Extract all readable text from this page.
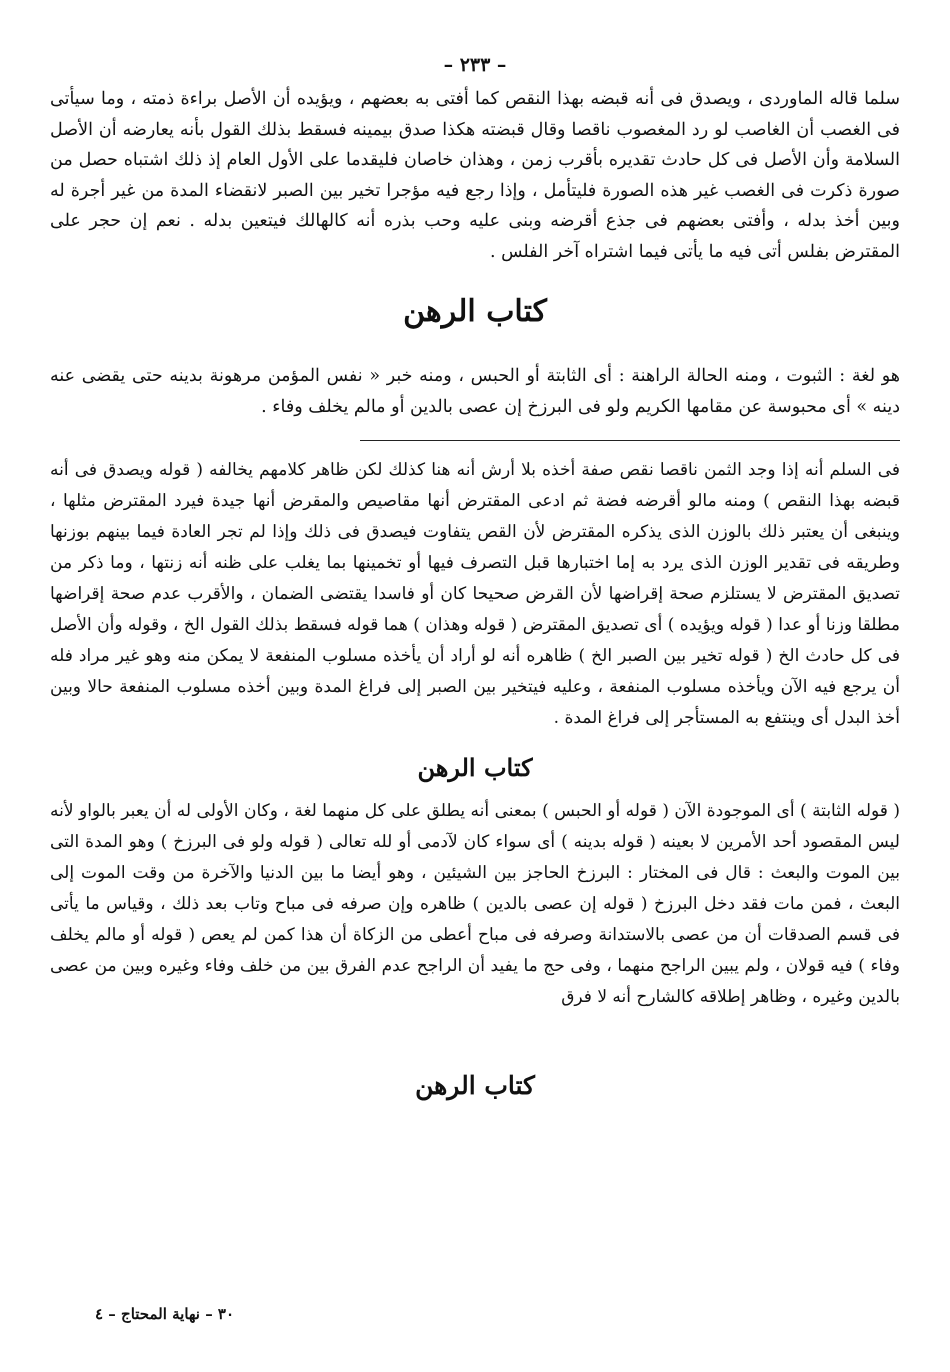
– ٢٣٣ –

سلما قاله الماوردى ، ويصدق فى أنه قبضه بهذا النقص كما أفتى به بعضهم ، ويؤيده أن الأصل براءة ذمته ، وما سيأتى فى الغصب أن الغاصب لو رد المغصوب ناقصا وقال قبضته هكذا صدق بيمينه فسقط بذلك القول بأنه يعارضه أن الأصل السلامة وأن الأصل فى كل حادث تقديره بأقرب زمن ، وهذان خاصان فليقدما على الأول العام إذ ذلك اشتباه حصل من صورة ذكرت فى الغصب غير هذه الصورة فليتأمل ، وإذا رجع فيه مؤجرا تخير بين الصبر لانقضاء المدة من غير أجرة له وبين أخذ بدله ، وأفتى بعضهم فى جذع أقرضه وبنى عليه وحب بذره أنه كالهالك فيتعين بدله . نعم إن حجر على المقترض بفلس أتى فيه ما يأتى فيما اشتراه آخر الفلس .

كتاب الرهن

هو لغة : الثبوت ، ومنه الحالة الراهنة : أى الثابتة أو الحبس ، ومنه خبر « نفس المؤمن مرهونة بدينه حتى يقضى عنه دينه » أى محبوسة عن مقامها الكريم ولو فى البرزخ إن عصى بالدين أو مالم يخلف وفاء .

فى السلم أنه إذا وجد الثمن ناقصا نقص صفة أخذه بلا أرش أنه هنا كذلك لكن ظاهر كلامهم يخالفه ( قوله ويصدق فى أنه قبضه بهذا النقص ) ومنه مالو أقرضه فضة ثم ادعى المقترض أنها مقاصيص والمقرض أنها جيدة فيرد المقترض مثلها ، وينبغى أن يعتبر ذلك بالوزن الذى يذكره المقترض لأن القص يتفاوت فيصدق فى ذلك وإذا لم تجر العادة فيما بينهم بوزنها وطريقه فى تقدير الوزن الذى يرد به إما اختبارها قبل التصرف فيها أو تخمينها بما يغلب على ظنه أنه زنتها ، وما ذكر من تصديق المقترض لا يستلزم صحة إقراضها لأن القرض صحيحا كان أو فاسدا يقتضى الضمان ، والأقرب عدم صحة إقراضها مطلقا وزنا أو عدا ( قوله ويؤيده ) أى تصديق المقترض ( قوله وهذان ) هما قوله فسقط بذلك القول الخ ، وقوله وأن الأصل فى كل حادث الخ ( قوله تخير بين الصبر الخ ) ظاهره أنه لو أراد أن يأخذه مسلوب المنفعة لا يمكن منه وهو غير مراد فله أن يرجع فيه الآن ويأخذه مسلوب المنفعة ، وعليه فيتخير بين الصبر إلى فراغ المدة وبين أخذه مسلوب المنفعة حالا وبين أخذ البدل أى وينتفع به المستأجر إلى فراغ المدة .

كتاب الرهن

( قوله الثابتة ) أى الموجودة الآن ( قوله أو الحبس ) بمعنى أنه يطلق على كل منهما لغة ، وكان الأولى له أن يعبر بالواو لأنه ليس المقصود أحد الأمرين لا بعينه ( قوله بدينه ) أى سواء كان لآدمى أو لله تعالى ( قوله ولو فى البرزخ ) وهو المدة التى بين الموت والبعث : قال فى المختار : البرزخ الحاجز بين الشيئين ، وهو أيضا ما بين الدنيا والآخرة من وقت الموت إلى البعث ، فمن مات فقد دخل البرزخ ( قوله إن عصى بالدين ) ظاهره وإن صرفه فى مباح وتاب بعد ذلك ، وقياس ما يأتى فى قسم الصدقات أن من عصى بالاستدانة وصرفه فى مباح أعطى من الزكاة أن هذا كمن لم يعص ( قوله أو مالم يخلف وفاء ) فيه قولان ، ولم يبين الراجح منهما ، وفى حج ما يفيد أن الراجح عدم الفرق بين من خلف وفاء وغيره وبين من عصى بالدين وغيره ، وظاهر إطلاقه كالشارح أنه لا فرق

كتاب الرهن
٣٠ – نهاية المحتاج – ٤
